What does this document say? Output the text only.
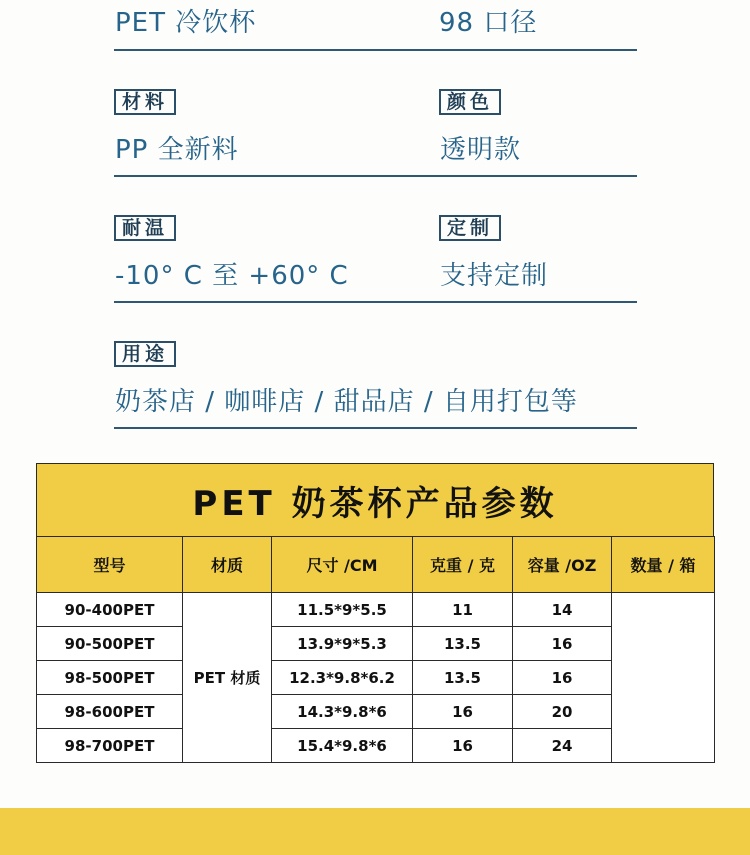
PET 冷饮杯	98 口径
材料
PP 全新料
颜色
透明款
耐温
-10° C 至 +60° C
定制
支持定制
用途
奶茶店 / 咖啡店 / 甜品店 / 自用打包等
PET 奶茶杯产品参数
型号	材质	尺寸 /CM	克重 / 克	容量 /OZ	数量 / 箱
90-400PET	PET 材质	11.5*9*5.5	11	14	
90-500PET		13.9*9*5.3	13.5	16	
98-500PET		12.3*9.8*6.2	13.5	16	
98-600PET		14.3*9.8*6	16	20	
98-700PET		15.4*9.8*6	16	24	
